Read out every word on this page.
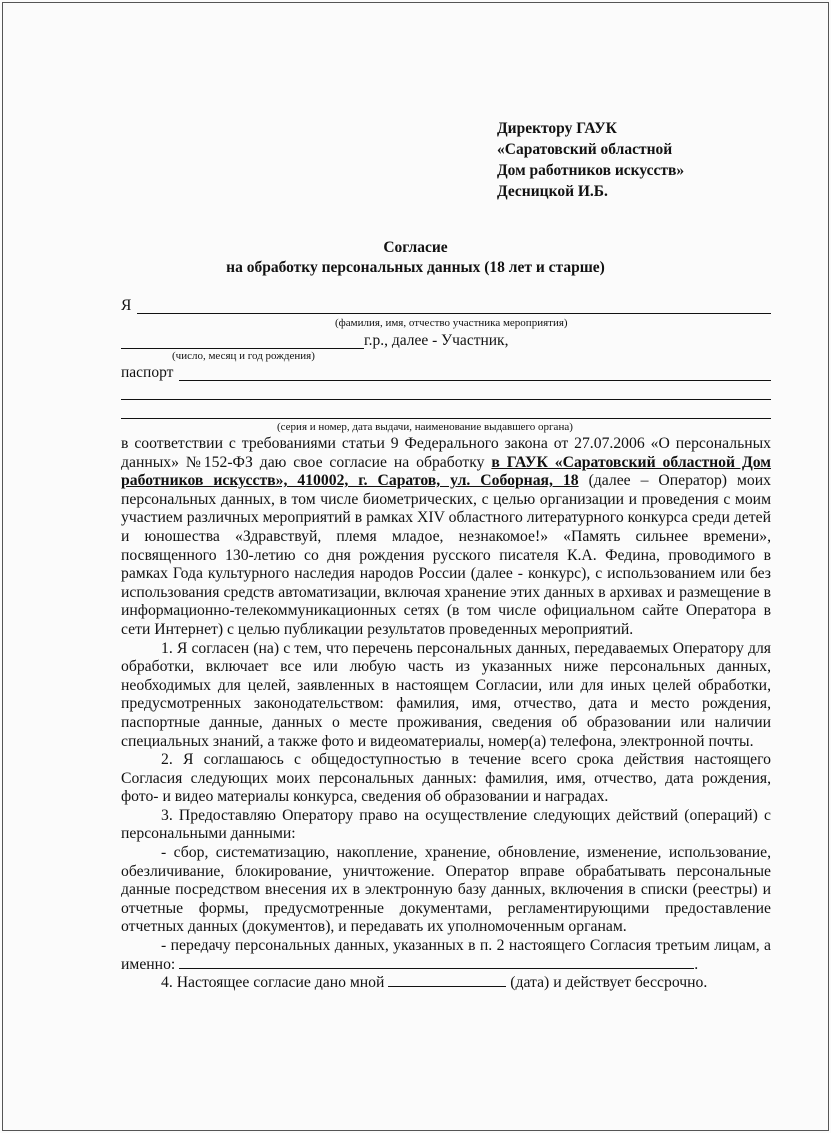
Директору ГАУК
«Саратовский областной
Дом работников искусств»
Десницкой И.Б.
Согласие
на обработку персональных данных (18 лет и старше)
Я
(фамилия, имя, отчество участника мероприятия)
г.р., далее - Участник,
(число, месяц и год рождения)
паспорт
(серия и номер, дата выдачи, наименование выдавшего органа)

в соответствии с требованиями статьи 9 Федерального закона от 27.07.2006 «О персональных данных» №152-ФЗ даю свое согласие на обработку в ГАУК «Саратовский областной Дом работников искусств», 410002, г. Саратов, ул. Соборная, 18 (далее – Оператор) моих персональных данных, в том числе биометрических, с целью организации и проведения с моим участием различных мероприятий в рамках XIV областного литературного конкурса среди детей и юношества «Здравствуй, племя младое, незнакомое!» «Память сильнее времени», посвященного 130-летию со дня рождения русского писателя К.А. Федина, проводимого в рамках Года культурного наследия народов России (далее - конкурс), с использованием или без использования средств автоматизации, включая хранение этих данных в архивах и размещение в информационно-телекоммуникационных сетях (в том числе официальном сайте Оператора в сети Интернет) с целью публикации результатов проведенных мероприятий.

1. Я согласен (на) с тем, что перечень персональных данных, передаваемых Оператору для обработки, включает все или любую часть из указанных ниже персональных данных, необходимых для целей, заявленных в настоящем Согласии, или для иных целей обработки, предусмотренных законодательством: фамилия, имя, отчество, дата и место рождения, паспортные данные, данных о месте проживания, сведения об образовании или наличии специальных знаний, а также фото и видеоматериалы, номер(а) телефона, электронной почты.

2. Я соглашаюсь с общедоступностью в течение всего срока действия настоящего Согласия следующих моих персональных данных: фамилия, имя, отчество, дата рождения, фото- и видео материалы конкурса, сведения об образовании и наградах.

3. Предоставляю Оператору право на осуществление следующих действий (операций) с персональными данными:

- сбор, систематизацию, накопление, хранение, обновление, изменение, использование, обезличивание, блокирование, уничтожение. Оператор вправе обрабатывать персональные данные посредством внесения их в электронную базу данных, включения в списки (реестры) и отчетные формы, предусмотренные документами, регламентирующими предоставление отчетных данных (документов), и передавать их уполномоченным органам.

- передачу персональных данных, указанных в п. 2 настоящего Согласия третьим лицам, а именно:	.

4. Настоящее согласие дано мной	(дата) и действует бессрочно.
